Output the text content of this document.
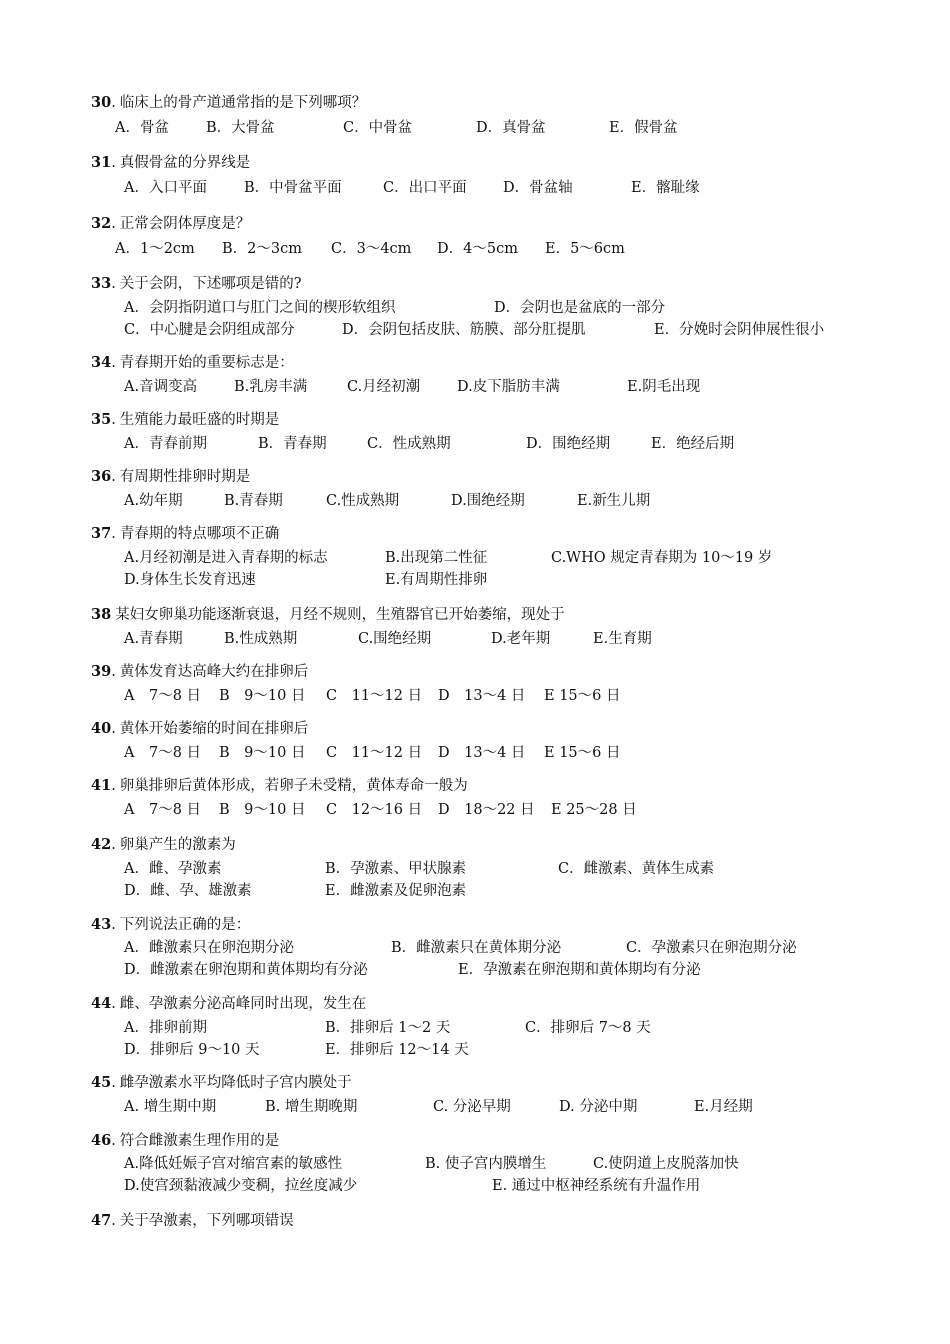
30. 临床上的骨产道通常指的是下列哪项？
A．骨盆	B．大骨盆	C．中骨盆	D．真骨盆	E．假骨盆
31. 真假骨盆的分界线是
A．入口平面	B．中骨盆平面	C．出口平面	D．骨盆轴	E．髂耻缘
32. 正常会阴体厚度是？
A．1～2cm B．2～3cm C．3～4cm D．4～5cm E．5～6cm
33. 关于会阴，下述哪项是错的?
A．会阴指阴道口与肛门之间的楔形软组织	D．会阴也是盆底的一部分
C．中心腱是会阴组成部分	D．会阴包括皮肤、筋膜、部分肛提肌	E．分娩时会阴伸展性很小
34. 青春期开始的重要标志是：
A.音调变高	B.乳房丰满	C.月经初潮	D.皮下脂肪丰满	E.阴毛出现
35. 生殖能力最旺盛的时期是
A．青春前期	B．青春期	C．性成熟期	D．围绝经期	E．绝经后期
36. 有周期性排卵时期是
A.幼年期	B.青春期	C.性成熟期	D.围绝经期	E.新生儿期
37. 青春期的特点哪项不正确
A.月经初潮是进入青春期的标志	B.出现第二性征	C.WHO 规定青春期为 10～19 岁
D.身体生长发育迅速	E.有周期性排卵
38 某妇女卵巢功能逐渐衰退，月经不规则，生殖器官已开始萎缩，现处于
A.青春期	B.性成熟期	C.围绝经期	D.老年期	E.生育期
39. 黄体发育达高峰大约在排卵后
A　7～8 日 B　9～10 日 C　11～12 日 D　13～4 日 E 15～6 日
40. 黄体开始萎缩的时间在排卵后
A　7～8 日 B　9～10 日 C　11～12 日 D　13～4 日 E 15～6 日
41. 卵巢排卵后黄体形成，若卵子未受精，黄体寿命一般为
A　7～8 日 B　9～10 日 C　12～16 日 D　18～22 日 E 25～28 日
42. 卵巢产生的激素为
A．雌、孕激素	B．孕激素、甲状腺素	C．雌激素、黄体生成素
D．雌、孕、雄激素	E．雌激素及促卵泡素
43. 下列说法正确的是：
A．雌激素只在卵泡期分泌	B．雌激素只在黄体期分泌	C．孕激素只在卵泡期分泌
D．雌激素在卵泡期和黄体期均有分泌	E．孕激素在卵泡期和黄体期均有分泌
44. 雌、孕激素分泌高峰同时出现，发生在
A．排卵前期	B．排卵后 1～2 天	C．排卵后 7～8 天
D．排卵后 9～10 天	E．排卵后 12～14 天
45. 雌孕激素水平均降低时子宫内膜处于
A. 增生期中期	B. 增生期晚期	C. 分泌早期	D. 分泌中期	E.月经期
46. 符合雌激素生理作用的是
A.降低妊娠子宫对缩宫素的敏感性	B. 使子宫内膜增生	C.使阴道上皮脱落加快
D.使宫颈黏液减少变稠，拉丝度减少	E. 通过中枢神经系统有升温作用
47. 关于孕激素，下列哪项错误
